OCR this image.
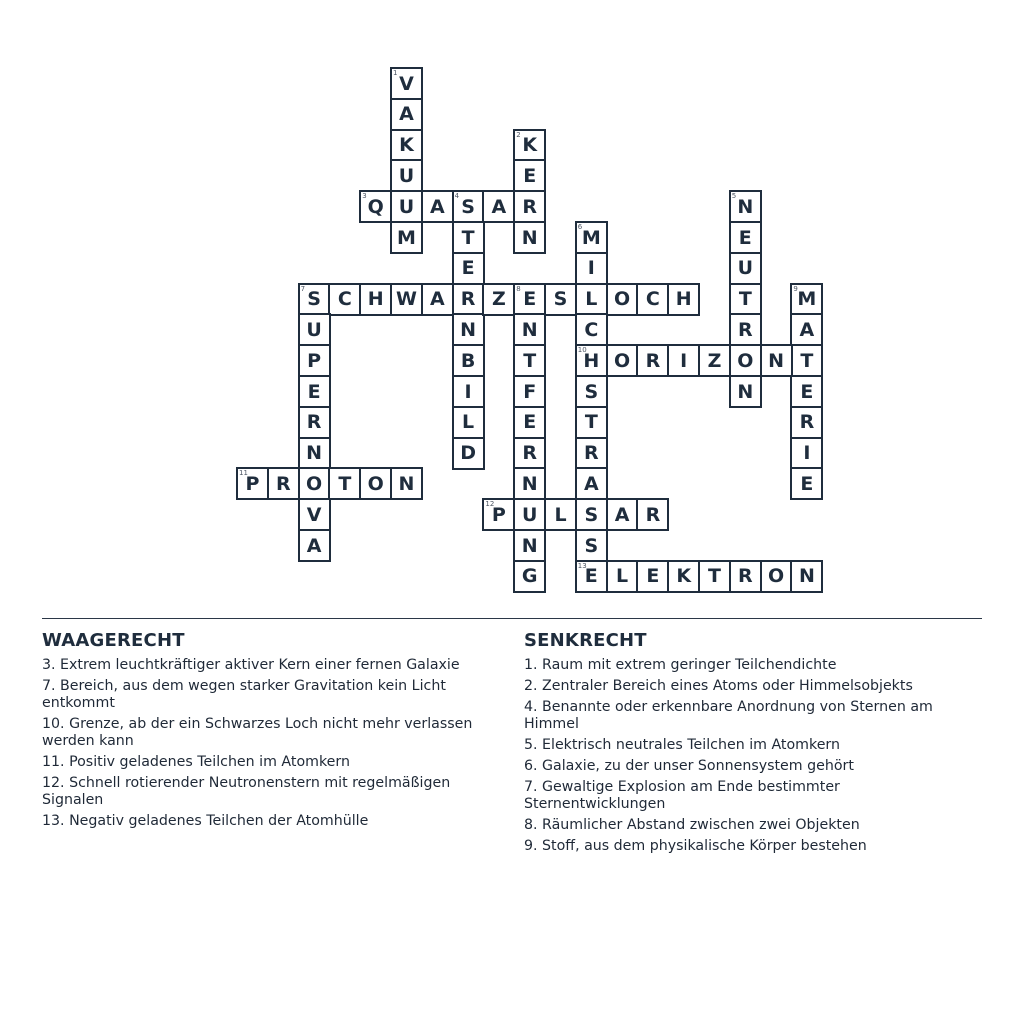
1 V
A
K
U
U
M
2 K
E
R
N
3 Q	A	4 S A
T
E
R
N
B
I
L
D
5 N
E
U
T
R
O
N
6 M
I
L
C
10
H
S
T
R
A
S
S
13
E
7 S C H W A	Z	8 E S	O C H
U
P
E
R
N
O
V
A
N
T
F
E
R
N
U
N
G
9 M
A
T
E
R
I
E
O R	I	Z	N
11
P R	T O N
12
P	L	A R
L E K T R O N
WAAGERECHT
3. Extrem leuchtkräftiger aktiver Kern einer fernen Galaxie
7. Bereich, aus dem wegen starker Gravitation kein Licht entkommt
10. Grenze, ab der ein Schwarzes Loch nicht mehr verlassen werden kann
11. Positiv geladenes Teilchen im Atomkern
12. Schnell rotierender Neutronenstern mit regelmäßigen Signalen
13. Negativ geladenes Teilchen der Atomhülle
SENKRECHT
1. Raum mit extrem geringer Teilchendichte
2. Zentraler Bereich eines Atoms oder Himmelsobjekts
4. Benannte oder erkennbare Anordnung von Sternen am Himmel
5. Elektrisch neutrales Teilchen im Atomkern
6. Galaxie, zu der unser Sonnensystem gehört
7. Gewaltige Explosion am Ende bestimmter Sternentwicklungen
8. Räumlicher Abstand zwischen zwei Objekten
9. Stoff, aus dem physikalische Körper bestehen
